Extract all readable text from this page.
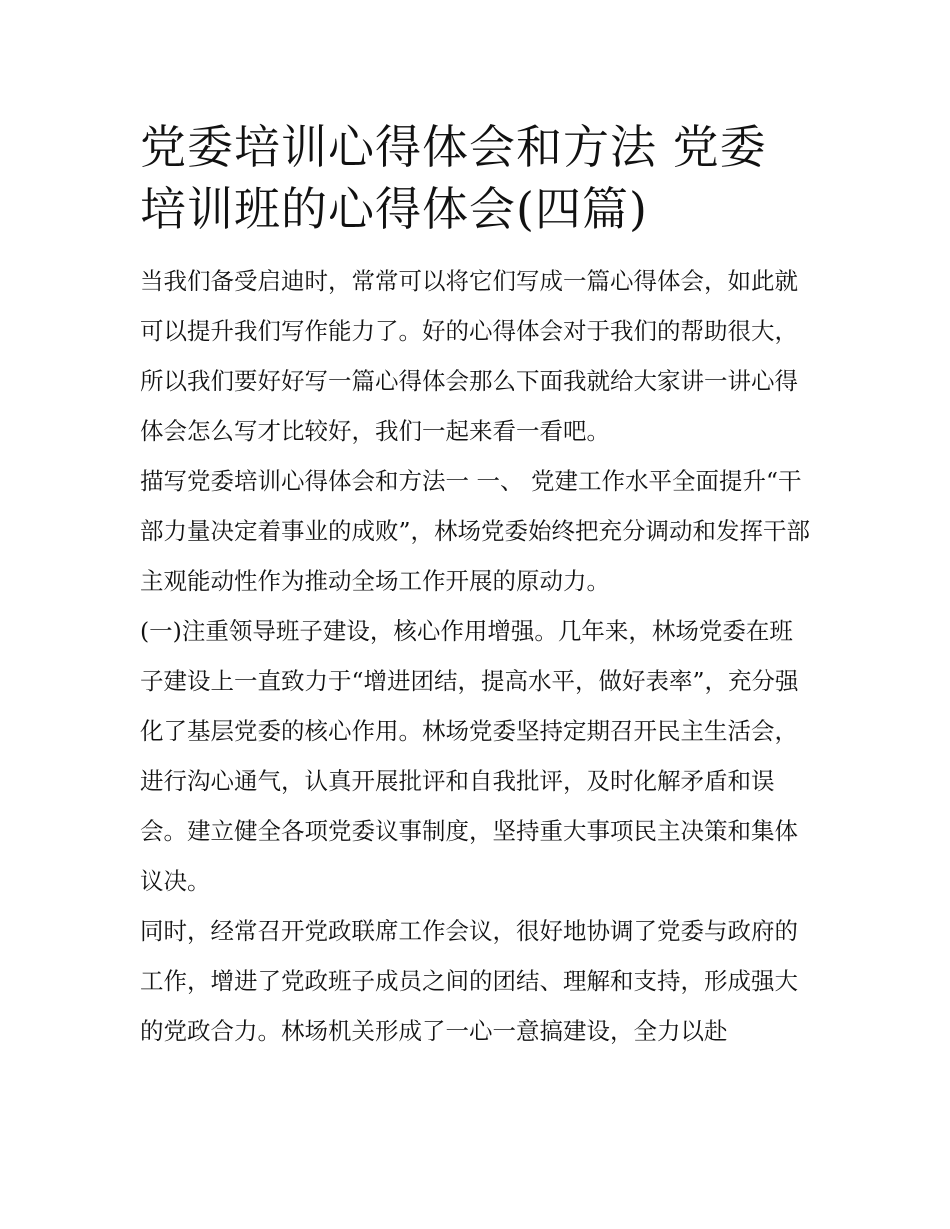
党委培训心得体会和方法 党委培训班的心得体会(四篇)

当我们备受启迪时，常常可以将它们写成一篇心得体会，如此就可以提升我们写作能力了。好的心得体会对于我们的帮助很大，所以我们要好好写一篇心得体会那么下面我就给大家讲一讲心得体会怎么写才比较好，我们一起来看一看吧。

描写党委培训心得体会和方法一 一、 党建工作水平全面提升“干部力量决定着事业的成败”，林场党委始终把充分调动和发挥干部主观能动性作为推动全场工作开展的原动力。

(一)注重领导班子建设，核心作用增强。几年来，林场党委在班子建设上一直致力于“增进团结，提高水平，做好表率”，充分强化了基层党委的核心作用。林场党委坚持定期召开民主生活会，进行沟心通气，认真开展批评和自我批评，及时化解矛盾和误会。建立健全各项党委议事制度，坚持重大事项民主决策和集体议决。

同时，经常召开党政联席工作会议，很好地协调了党委与政府的工作，增进了党政班子成员之间的团结、理解和支持，形成强大的党政合力。林场机关形成了一心一意搞建设，全力以赴
